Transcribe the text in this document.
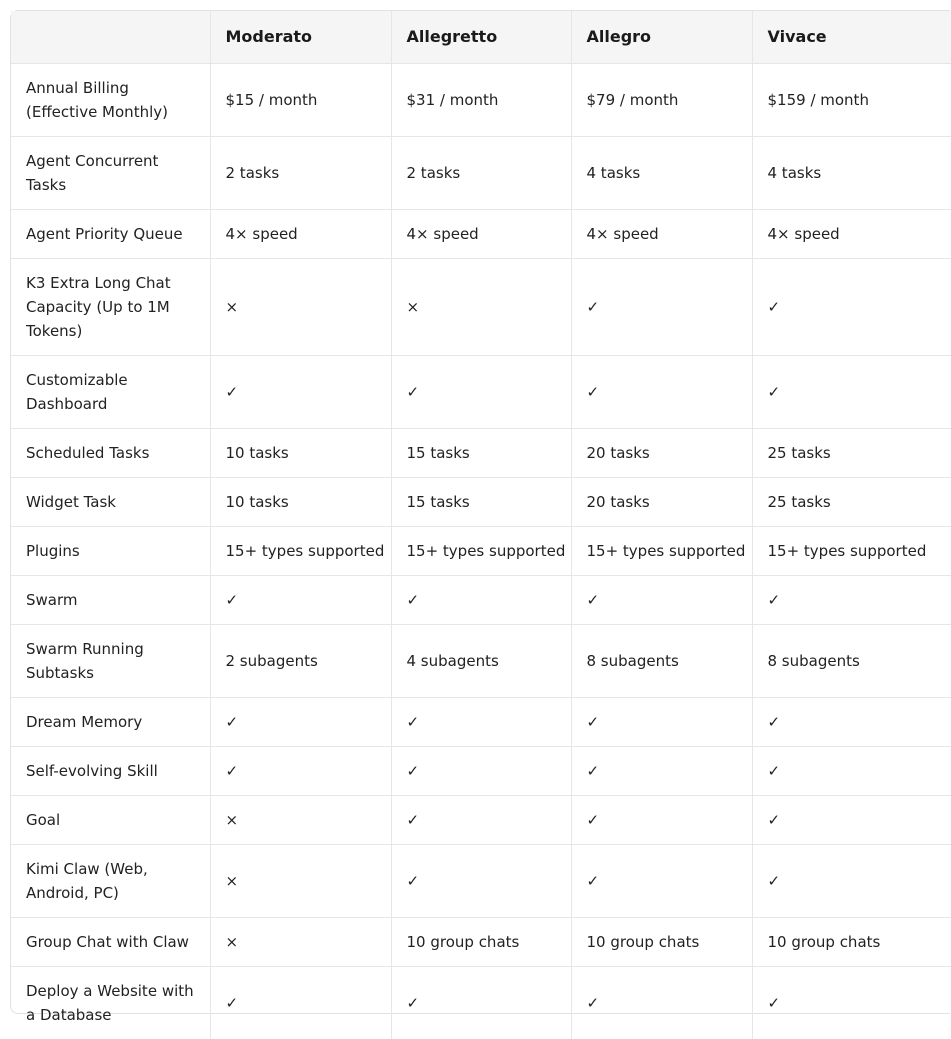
	Moderato	Allegretto	Allegro	Vivace
Annual Billing (Effective Monthly)	$15 / month	$31 / month	$79 / month	$159 / month
Agent Concurrent Tasks	2 tasks	2 tasks	4 tasks	4 tasks
Agent Priority Queue	4× speed	4× speed	4× speed	4× speed
K3 Extra Long Chat Capacity (Up to 1M Tokens)	×	×	✓	✓
Customizable Dashboard	✓	✓	✓	✓
Scheduled Tasks	10 tasks	15 tasks	20 tasks	25 tasks
Widget Task	10 tasks	15 tasks	20 tasks	25 tasks
Plugins	15+ types supported	15+ types supported	15+ types supported	15+ types supported
Swarm	✓	✓	✓	✓
Swarm Running Subtasks	2 subagents	4 subagents	8 subagents	8 subagents
Dream Memory	✓	✓	✓	✓
Self-evolving Skill	✓	✓	✓	✓
Goal	×	✓	✓	✓
Kimi Claw (Web, Android, PC)	×	✓	✓	✓
Group Chat with Claw	×	10 group chats	10 group chats	10 group chats
Deploy a Website with a Database	✓	✓	✓	✓
